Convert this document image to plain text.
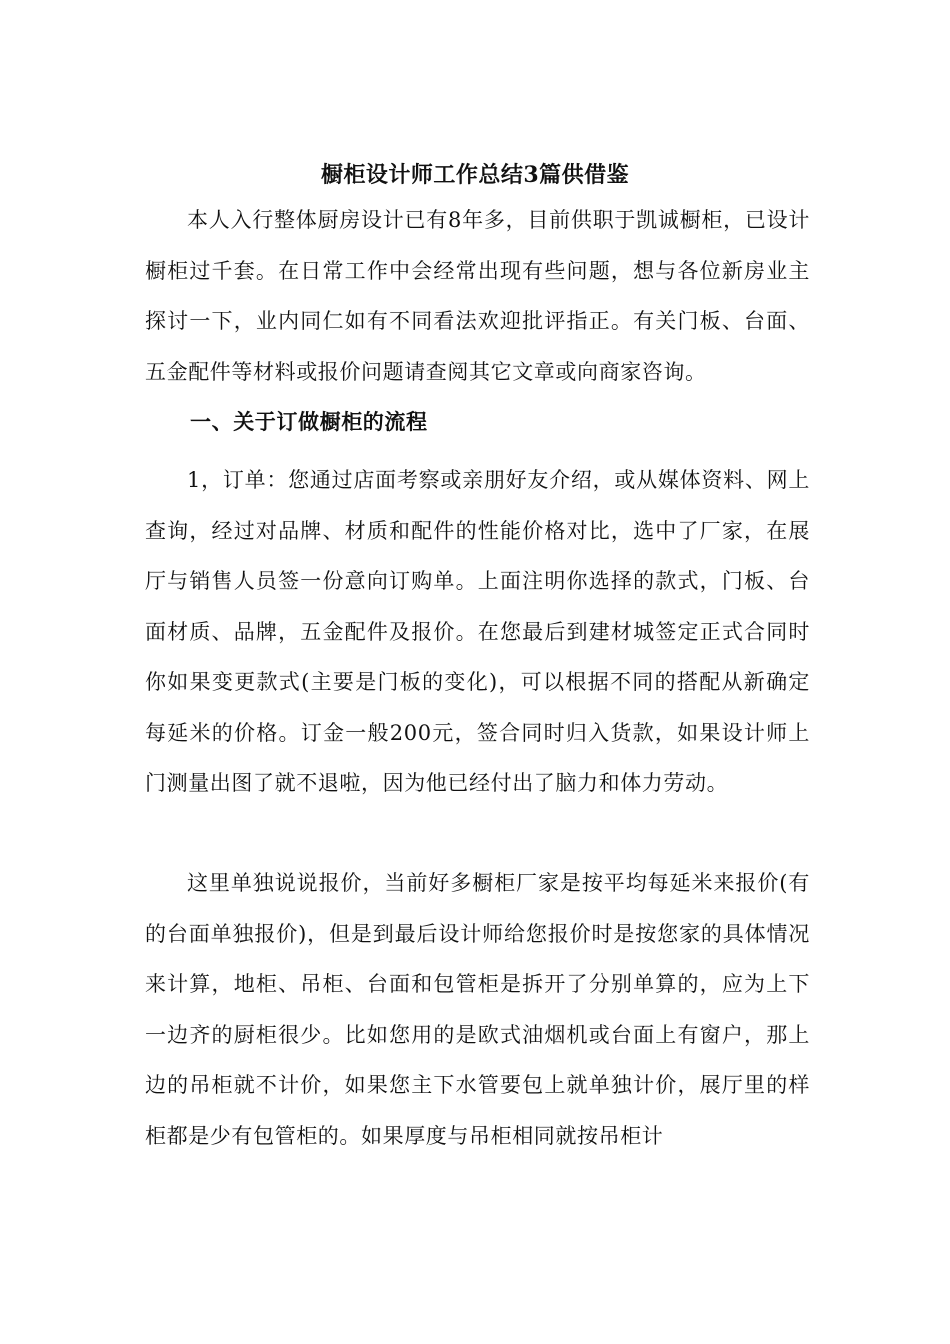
橱柜设计师工作总结3篇供借鉴

本人入行整体厨房设计已有8年多，目前供职于凯诚橱柜，已设计橱柜过千套。在日常工作中会经常出现有些问题，想与各位新房业主探讨一下，业内同仁如有不同看法欢迎批评指正。有关门板、台面、五金配件等材料或报价问题请查阅其它文章或向商家咨询。

一、关于订做橱柜的流程

1，订单：您通过店面考察或亲朋好友介绍，或从媒体资料、网上查询，经过对品牌、材质和配件的性能价格对比，选中了厂家，在展厅与销售人员签一份意向订购单。上面注明你选择的款式，门板、台面材质、品牌，五金配件及报价。在您最后到建材城签定正式合同时你如果变更款式(主要是门板的变化)，可以根据不同的搭配从新确定每延米的价格。订金一般200元，签合同时归入货款，如果设计师上门测量出图了就不退啦，因为他已经付出了脑力和体力劳动。

这里单独说说报价，当前好多橱柜厂家是按平均每延米来报价(有的台面单独报价)，但是到最后设计师给您报价时是按您家的具体情况来计算，地柜、吊柜、台面和包管柜是拆开了分别单算的，应为上下一边齐的厨柜很少。比如您用的是欧式油烟机或台面上有窗户，那上边的吊柜就不计价，如果您主下水管要包上就单独计价，展厅里的样柜都是少有包管柜的。如果厚度与吊柜相同就按吊柜计
